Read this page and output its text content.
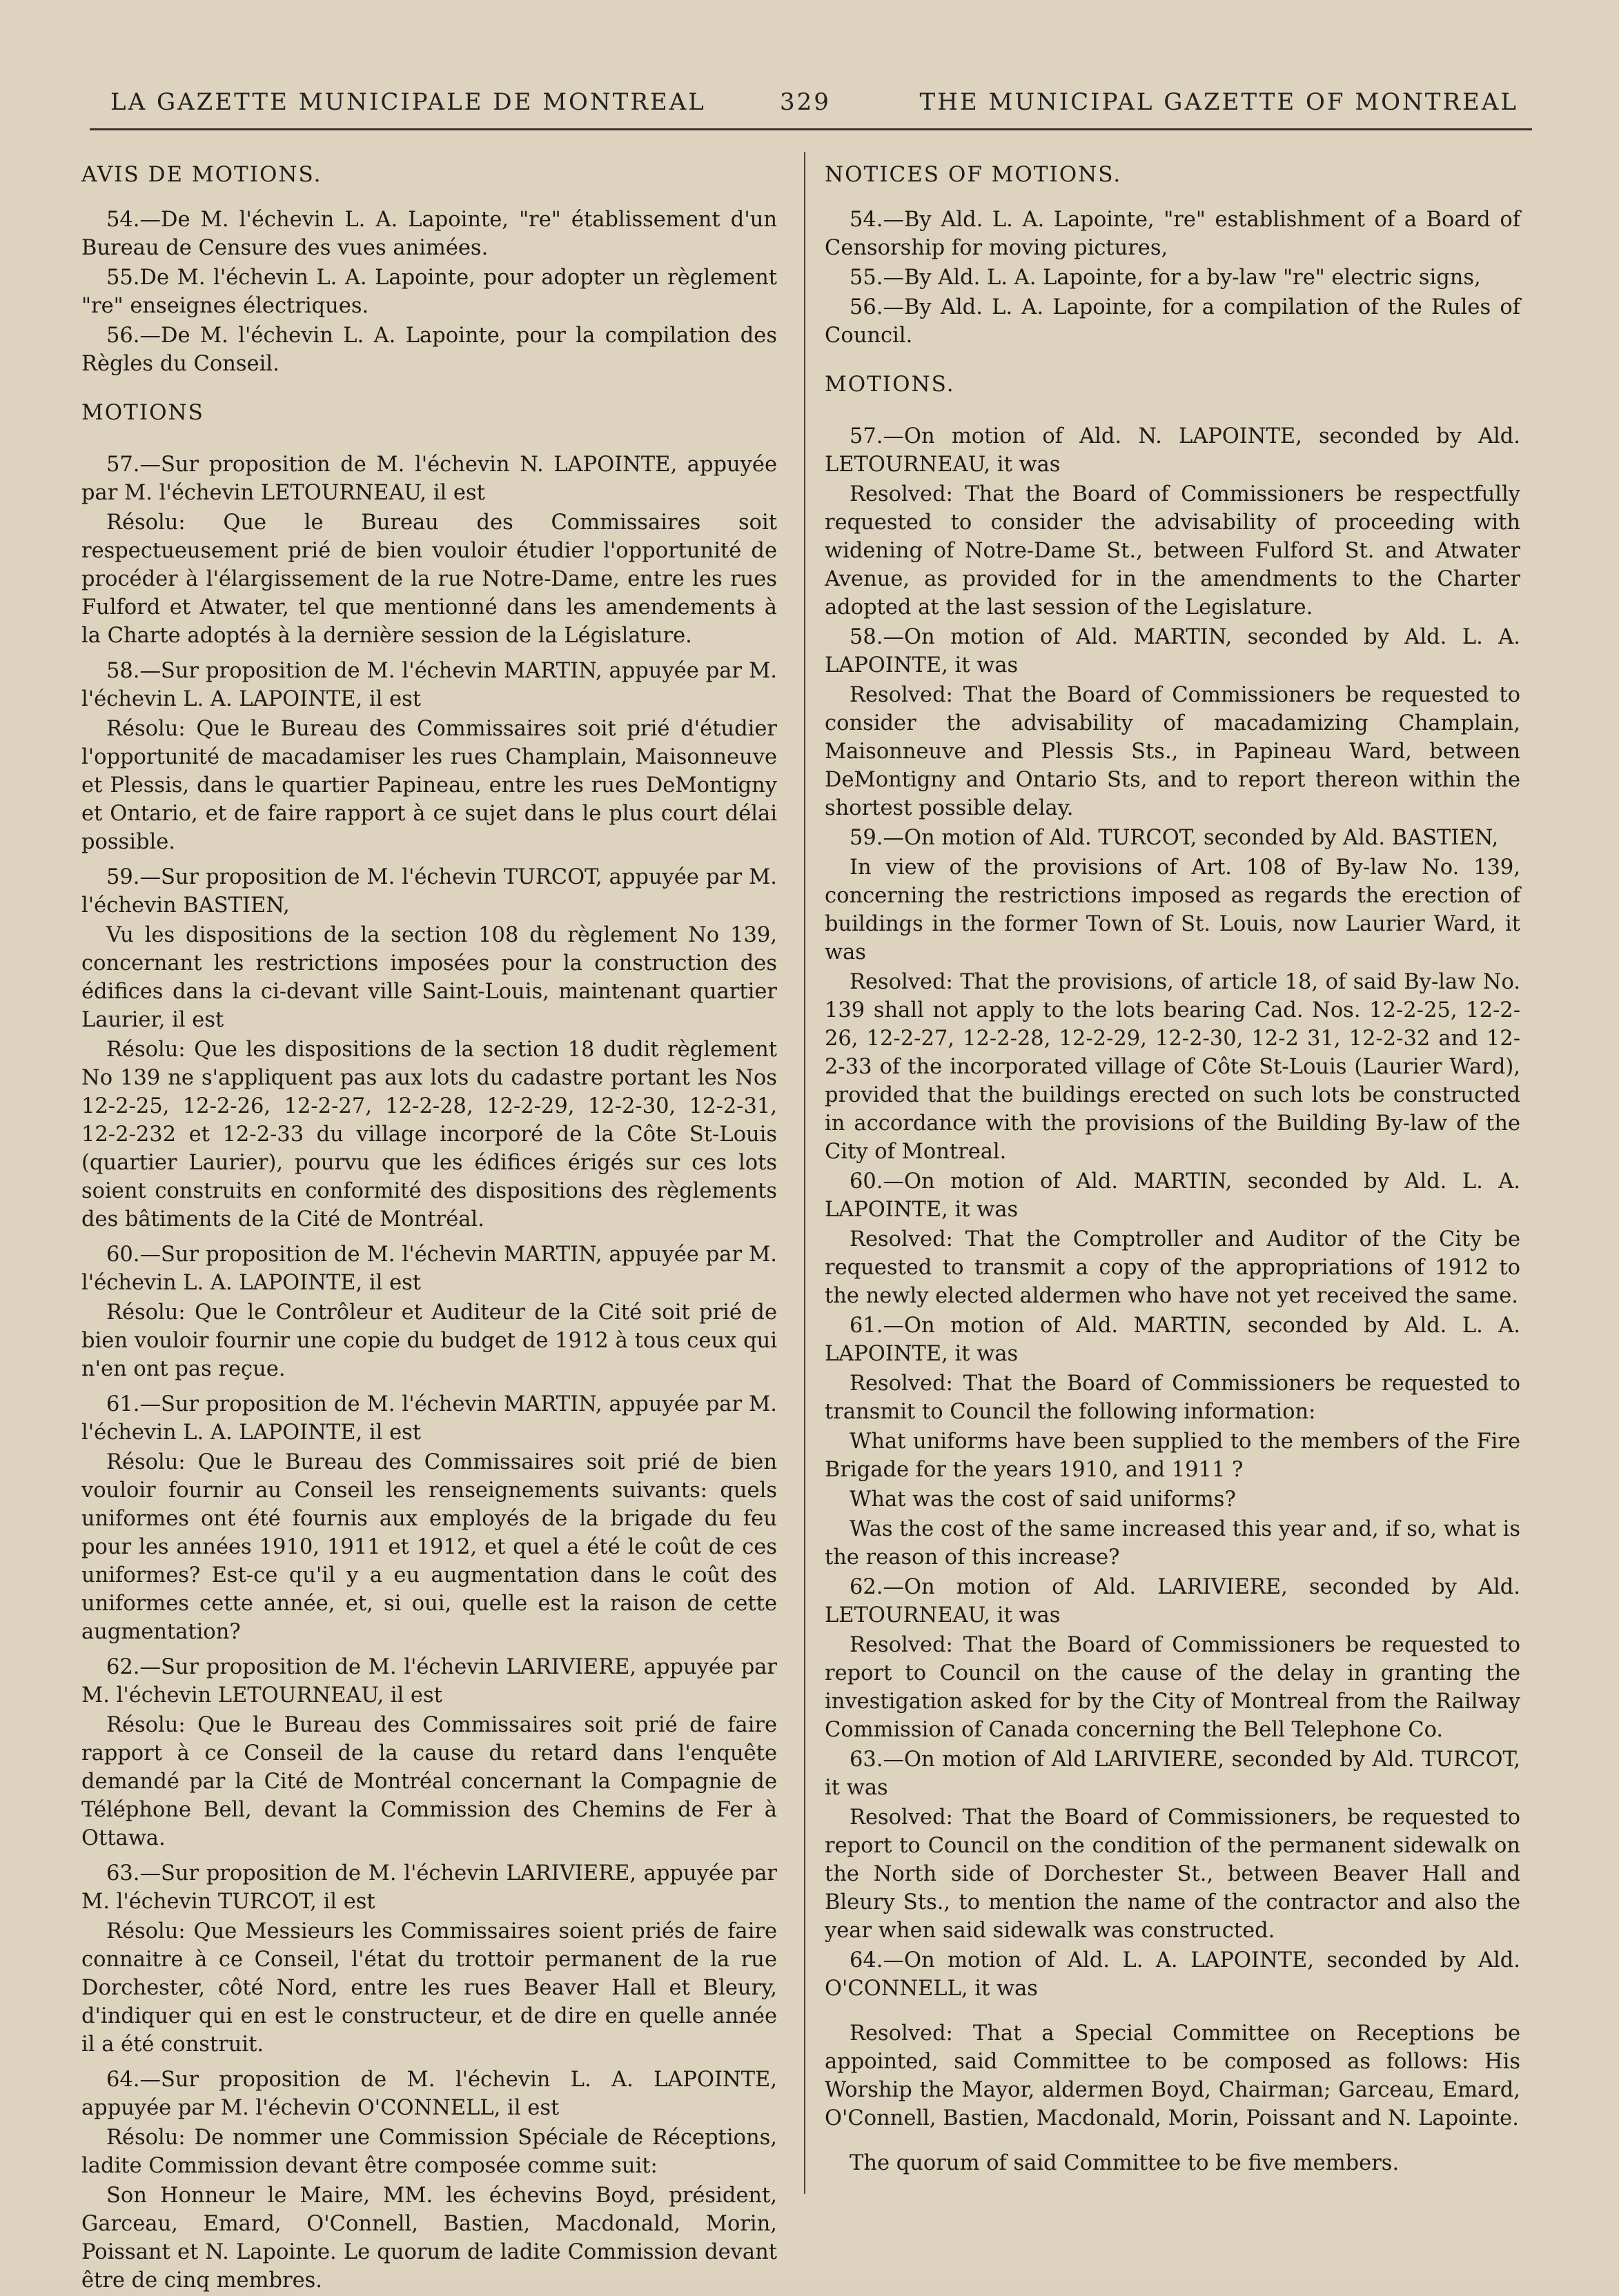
LA GAZETTE MUNICIPALE DE MONTREAL	329	THE MUNICIPAL GAZETTE OF MONTREAL
AVIS DE MOTIONS.

54.—De M. l'échevin L. A. Lapointe, "re" établissement d'un Bureau de Censure des vues animées.

55.De M. l'échevin L. A. Lapointe, pour adopter un règlement "re" enseignes électriques.

56.—De M. l'échevin L. A. Lapointe, pour la compilation des Règles du Conseil.

MOTIONS

57.—Sur proposition de M. l'échevin N. LAPOINTE, appuyée par M. l'échevin LETOURNEAU, il est

Résolu: Que le Bureau des Commissaires soit respectueusement prié de bien vouloir étudier l'opportunité de procéder à l'élargissement de la rue Notre-Dame, entre les rues Fulford et Atwater, tel que mentionné dans les amendements à la Charte adoptés à la dernière session de la Législature.

58.—Sur proposition de M. l'échevin MARTIN, appuyée par M. l'échevin L. A. LAPOINTE, il est

Résolu: Que le Bureau des Commissaires soit prié d'étudier l'opportunité de macadamiser les rues Champlain, Maisonneuve et Plessis, dans le quartier Papineau, entre les rues DeMontigny et Ontario, et de faire rapport à ce sujet dans le plus court délai possible.

59.—Sur proposition de M. l'échevin TURCOT, appuyée par M. l'échevin BASTIEN,

Vu les dispositions de la section 108 du règlement No 139, concernant les restrictions imposées pour la construction des édifices dans la ci-devant ville Saint-Louis, maintenant quartier Laurier, il est

Résolu: Que les dispositions de la section 18 dudit règlement No 139 ne s'appliquent pas aux lots du cadastre portant les Nos 12-2-25, 12-2-26, 12-2-27, 12-2-28, 12-2-29, 12-2-30, 12-2-31, 12-2-232 et 12-2-33 du village incorporé de la Côte St-Louis (quartier Laurier), pourvu que les édifices érigés sur ces lots soient construits en conformité des dispositions des règlements des bâtiments de la Cité de Montréal.

60.—Sur proposition de M. l'échevin MARTIN, appuyée par M. l'échevin L. A. LAPOINTE, il est

Résolu: Que le Contrôleur et Auditeur de la Cité soit prié de bien vouloir fournir une copie du budget de 1912 à tous ceux qui n'en ont pas reçue.

61.—Sur proposition de M. l'échevin MARTIN, appuyée par M. l'échevin L. A. LAPOINTE, il est

Résolu: Que le Bureau des Commissaires soit prié de bien vouloir fournir au Conseil les renseignements suivants: quels uniformes ont été fournis aux employés de la brigade du feu pour les années 1910, 1911 et 1912, et quel a été le coût de ces uniformes? Est-ce qu'il y a eu augmentation dans le coût des uniformes cette année, et, si oui, quelle est la raison de cette augmentation?

62.—Sur proposition de M. l'échevin LARIVIERE, appuyée par M. l'échevin LETOURNEAU, il est

Résolu: Que le Bureau des Commissaires soit prié de faire rapport à ce Conseil de la cause du retard dans l'enquête demandé par la Cité de Montréal concernant la Compagnie de Téléphone Bell, devant la Commission des Chemins de Fer à Ottawa.

63.—Sur proposition de M. l'échevin LARIVIERE, appuyée par M. l'échevin TURCOT, il est

Résolu: Que Messieurs les Commissaires soient priés de faire connaitre à ce Conseil, l'état du trottoir permanent de la rue Dorchester, côté Nord, entre les rues Beaver Hall et Bleury, d'indiquer qui en est le constructeur, et de dire en quelle année il a été construit.

64.—Sur proposition de M. l'échevin L. A. LAPOINTE, appuyée par M. l'échevin O'CONNELL, il est

Résolu: De nommer une Commission Spéciale de Réceptions, ladite Commission devant être composée comme suit:

Son Honneur le Maire, MM. les échevins Boyd, président, Garceau, Emard, O'Connell, Bastien, Macdonald, Morin, Poissant et N. Lapointe. Le quorum de ladite Commission devant être de cinq membres.

NOTICES OF MOTIONS.

54.—By Ald. L. A. Lapointe, "re" establishment of a Board of Censorship for moving pictures,

55.—By Ald. L. A. Lapointe, for a by-law "re" electric signs,

56.—By Ald. L. A. Lapointe, for a compilation of the Rules of Council.

MOTIONS.

57.—On motion of Ald. N. LAPOINTE, seconded by Ald. LETOURNEAU, it was

Resolved: That the Board of Commissioners be respectfully requested to consider the advisability of proceeding with widening of Notre-Dame St., between Fulford St. and Atwater Avenue, as provided for in the amendments to the Charter adopted at the last session of the Legislature.

58.—On motion of Ald. MARTIN, seconded by Ald. L. A. LAPOINTE, it was

Resolved: That the Board of Commissioners be requested to consider the advisability of macadamizing Champlain, Maisonneuve and Plessis Sts., in Papineau Ward, between DeMontigny and Ontario Sts, and to report thereon within the shortest possible delay.

59.—On motion of Ald. TURCOT, seconded by Ald. BASTIEN,

In view of the provisions of Art. 108 of By-law No. 139, concerning the restrictions imposed as regards the erection of buildings in the former Town of St. Louis, now Laurier Ward, it was

Resolved: That the provisions, of article 18, of said By-law No. 139 shall not apply to the lots bearing Cad. Nos. 12-2-25, 12-2-26, 12-2-27, 12-2-28, 12-2-29, 12-2-30, 12-2 31, 12-2-32 and 12-2-33 of the incorporated village of Côte St-Louis (Laurier Ward), provided that the buildings erected on such lots be constructed in accordance with the provisions of the Building By-law of the City of Montreal.

60.—On motion of Ald. MARTIN, seconded by Ald. L. A. LAPOINTE, it was

Resolved: That the Comptroller and Auditor of the City be requested to transmit a copy of the appropriations of 1912 to the newly elected aldermen who have not yet received the same.

61.—On motion of Ald. MARTIN, seconded by Ald. L. A. LAPOINTE, it was

Resolved: That the Board of Commissioners be requested to transmit to Council the following information:

What uniforms have been supplied to the members of the Fire Brigade for the years 1910, and 1911 ?

What was the cost of said uniforms?

Was the cost of the same increased this year and, if so, what is the reason of this increase?

62.—On motion of Ald. LARIVIERE, seconded by Ald. LETOURNEAU, it was

Resolved: That the Board of Commissioners be requested to report to Council on the cause of the delay in granting the investigation asked for by the City of Montreal from the Railway Commission of Canada concerning the Bell Telephone Co.

63.—On motion of Ald LARIVIERE, seconded by Ald. TURCOT, it was

Resolved: That the Board of Commissioners, be requested to report to Council on the condition of the permanent sidewalk on the North side of Dorchester St., between Beaver Hall and Bleury Sts., to mention the name of the contractor and also the year when said sidewalk was constructed.

64.—On motion of Ald. L. A. LAPOINTE, seconded by Ald. O'CONNELL, it was

Resolved: That a Special Committee on Receptions be appointed, said Committee to be composed as follows: His Worship the Mayor, aldermen Boyd, Chairman; Garceau, Emard, O'Connell, Bastien, Macdonald, Morin, Poissant and N. Lapointe.

The quorum of said Committee to be five members.
